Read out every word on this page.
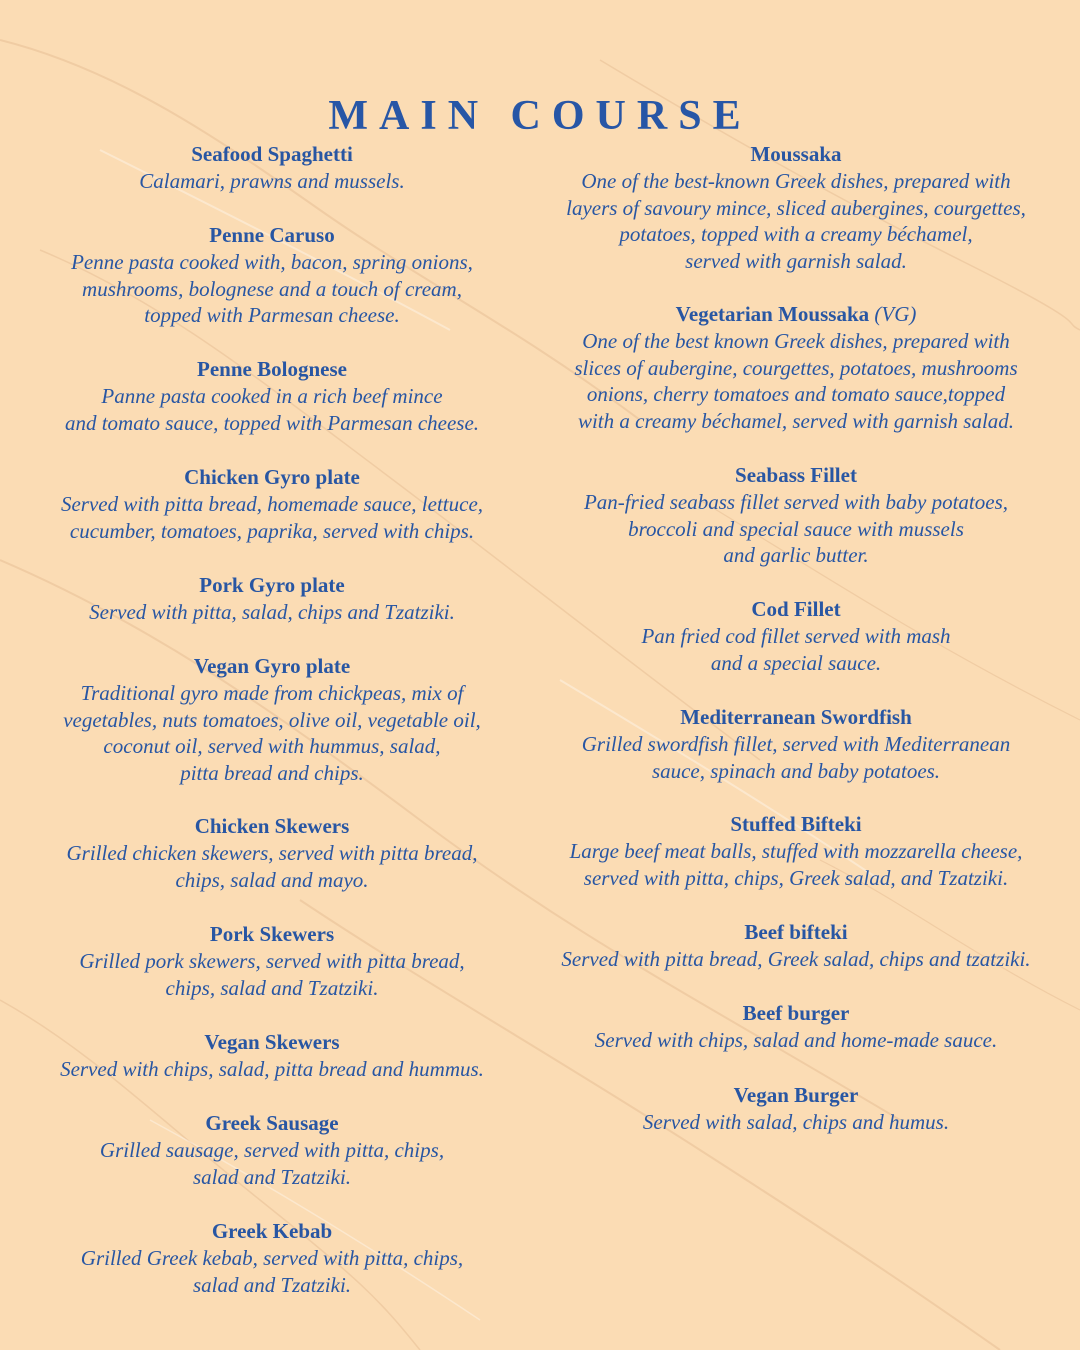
MAIN COURSE
Seafood Spaghetti
Calamari, prawns and mussels.
Penne Caruso
Penne pasta cooked with, bacon, spring onions,
mushrooms, bolognese and a touch of cream,
topped with Parmesan cheese.
Penne Bolognese
Panne pasta cooked in a rich beef mince
and tomato sauce, topped with Parmesan cheese.
Chicken Gyro plate
Served with pitta bread, homemade sauce, lettuce,
cucumber, tomatoes, paprika, served with chips.
Pork Gyro plate
Served with pitta, salad, chips and Tzatziki.
Vegan Gyro plate
Traditional gyro made from chickpeas, mix of
vegetables, nuts tomatoes, olive oil, vegetable oil,
coconut oil, served with hummus, salad,
pitta bread and chips.
Chicken Skewers
Grilled chicken skewers, served with pitta bread,
chips, salad and mayo.
Pork Skewers
Grilled pork skewers, served with pitta bread,
chips, salad and Tzatziki.
Vegan Skewers
Served with chips, salad, pitta bread and hummus.
Greek Sausage
Grilled sausage, served with pitta, chips,
salad and Tzatziki.
Greek Kebab
Grilled Greek kebab, served with pitta, chips,
salad and Tzatziki.
Moussaka
One of the best-known Greek dishes, prepared with
layers of savoury mince, sliced aubergines, courgettes,
potatoes, topped with a creamy béchamel,
served with garnish salad.
Vegetarian Moussaka (VG)
One of the best known Greek dishes, prepared with
slices of aubergine, courgettes, potatoes, mushrooms
onions, cherry tomatoes and tomato sauce,topped
with a creamy béchamel, served with garnish salad.
Seabass Fillet
Pan-fried seabass fillet served with baby potatoes,
broccoli and special sauce with mussels
and garlic butter.
Cod Fillet
Pan fried cod fillet served with mash
and a special sauce.
Mediterranean Swordfish
Grilled swordfish fillet, served with Mediterranean
sauce, spinach and baby potatoes.
Stuffed Bifteki
Large beef meat balls, stuffed with mozzarella cheese,
served with pitta, chips, Greek salad, and Tzatziki.
Beef bifteki
Served with pitta bread, Greek salad, chips and tzatziki.
Beef burger
Served with chips, salad and home-made sauce.
Vegan Burger
Served with salad, chips and humus.
